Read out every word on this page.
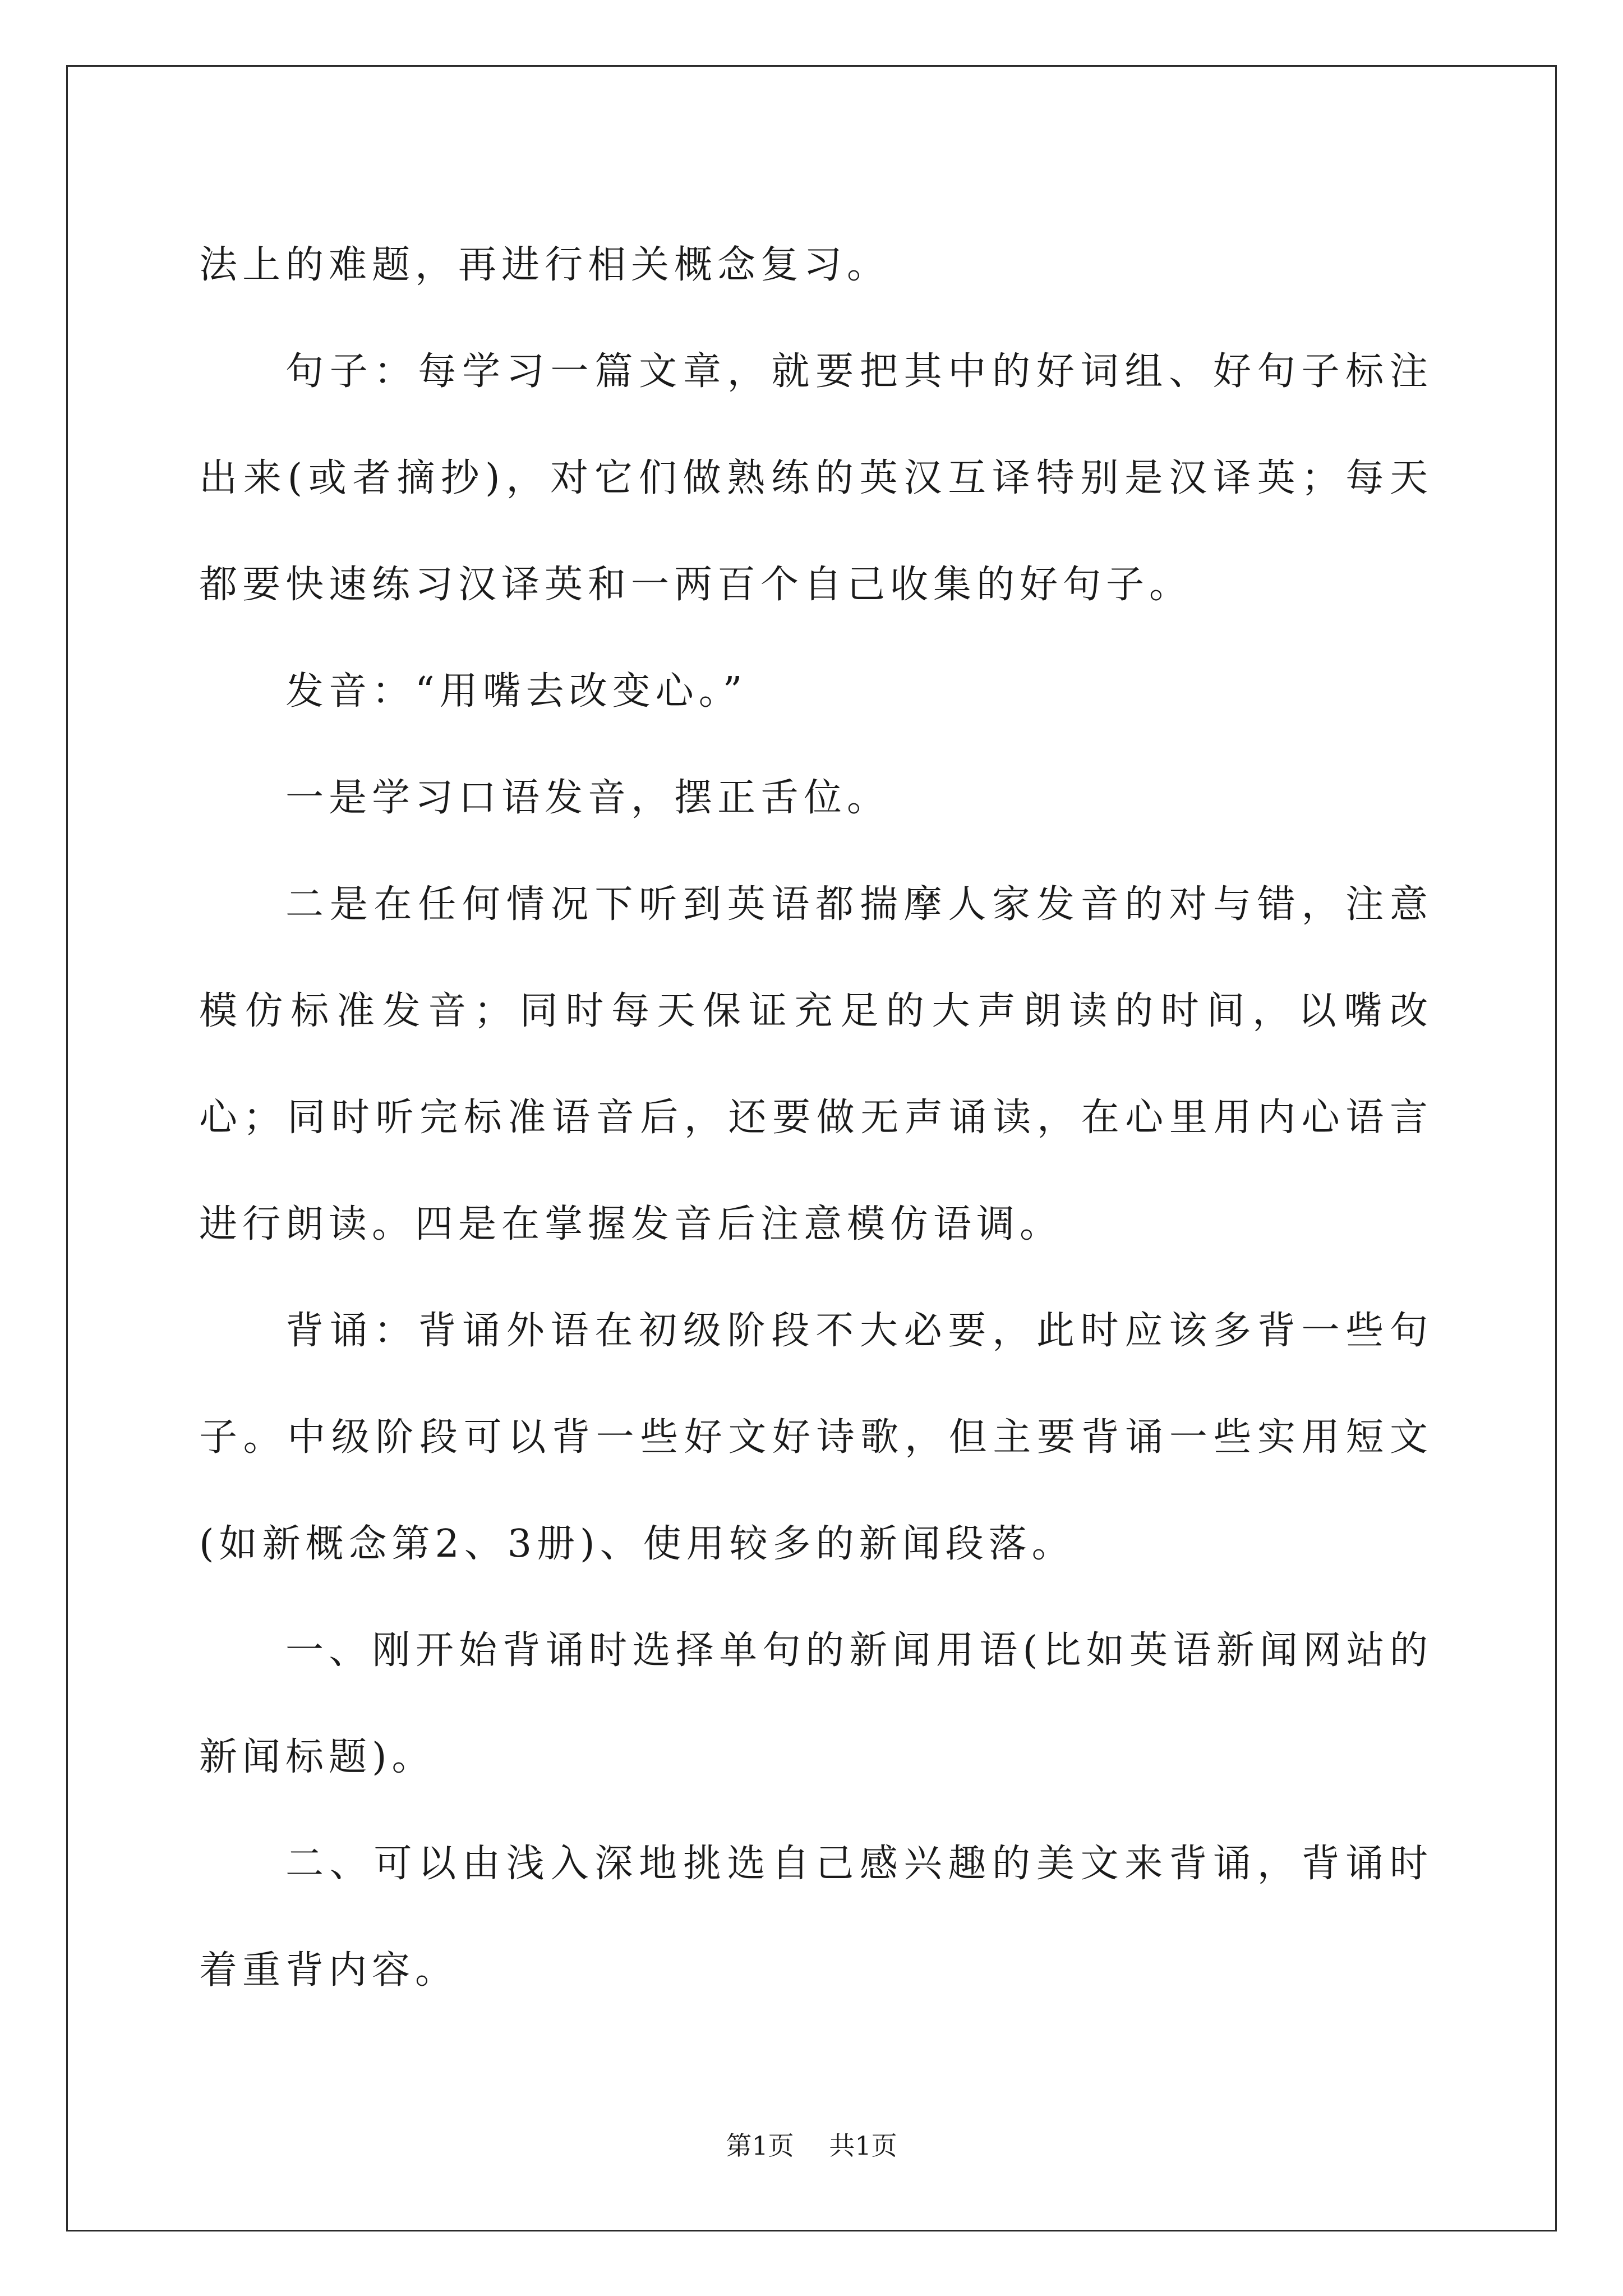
法上的难题，再进行相关概念复习。

句子：每学习一篇文章，就要把其中的好词组、好句子标注出来(或者摘抄)，对它们做熟练的英汉互译特别是汉译英；每天都要快速练习汉译英和一两百个自己收集的好句子。

发音：“用嘴去改变心。”

一是学习口语发音，摆正舌位。

二是在任何情况下听到英语都揣摩人家发音的对与错，注意模仿标准发音；同时每天保证充足的大声朗读的时间，以嘴改心；同时听完标准语音后，还要做无声诵读，在心里用内心语言进行朗读。四是在掌握发音后注意模仿语调。

背诵：背诵外语在初级阶段不大必要，此时应该多背一些句子。中级阶段可以背一些好文好诗歌，但主要背诵一些实用短文(如新概念第2、3册)、使用较多的新闻段落。

一、刚开始背诵时选择单句的新闻用语(比如英语新闻网站的新闻标题)。

二、可以由浅入深地挑选自己感兴趣的美文来背诵，背诵时着重背内容。

第1页 共1页
